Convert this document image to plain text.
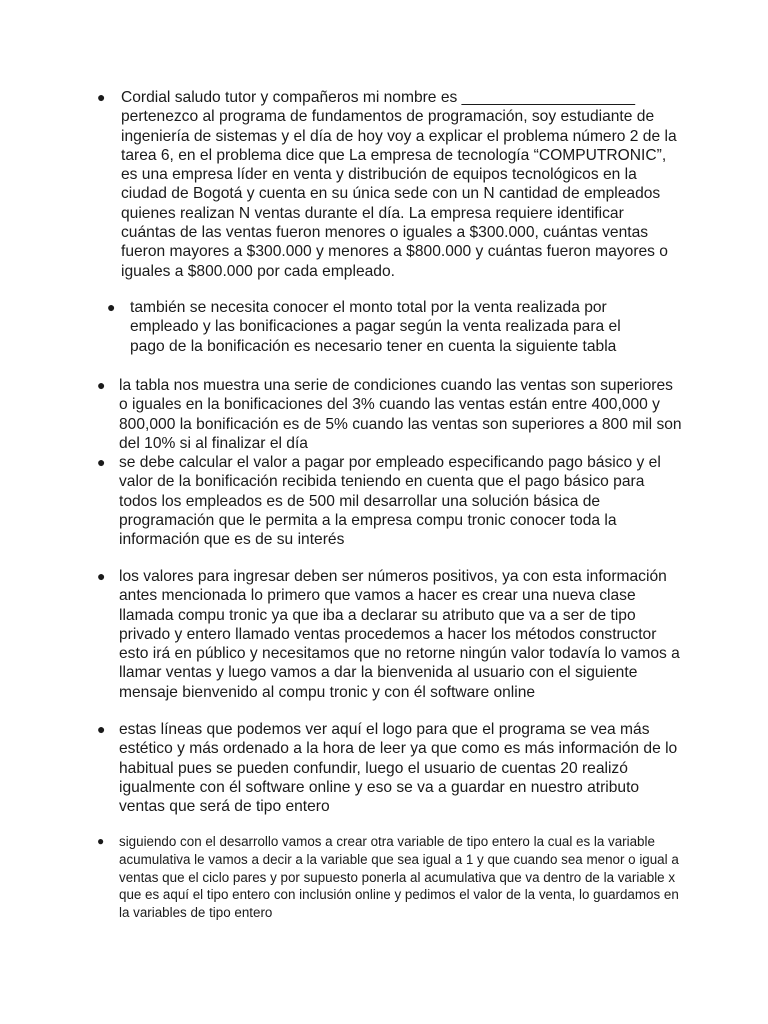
● Cordial saludo tutor y compañeros mi nombre es ____________________ pertenezco al programa de fundamentos de programación, soy estudiante de ingeniería de sistemas y el día de hoy voy a explicar el problema número 2 de la tarea 6, en el problema dice que La empresa de tecnología “COMPUTRONIC”, es una empresa líder en venta y distribución de equipos tecnológicos en la ciudad de Bogotá y cuenta en su única sede con un N cantidad de empleados quienes realizan N ventas durante el día. La empresa requiere identificar cuántas de las ventas fueron menores o iguales a $300.000, cuántas ventas fueron mayores a $300.000 y menores a $800.000 y cuántas fueron mayores o iguales a $800.000 por cada empleado.
● también se necesita conocer el monto total por la venta realizada por empleado y las bonificaciones a pagar según la venta realizada para el pago de la bonificación es necesario tener en cuenta la siguiente tabla
● la tabla nos muestra una serie de condiciones cuando las ventas son superiores o iguales en la bonificaciones del 3% cuando las ventas están entre 400,000 y 800,000 la bonificación es de 5% cuando las ventas son superiores a 800 mil son del 10% si al finalizar el día
● se debe calcular el valor a pagar por empleado especificando pago básico y el valor de la bonificación recibida teniendo en cuenta que el pago básico para todos los empleados es de 500 mil desarrollar una solución básica de programación que le permita a la empresa compu tronic conocer toda la información que es de su interés
● los valores para ingresar deben ser números positivos, ya con esta información antes mencionada lo primero que vamos a hacer es crear una nueva clase llamada compu tronic ya que iba a declarar su atributo que va a ser de tipo privado y entero llamado ventas procedemos a hacer los métodos constructor esto irá en público y necesitamos que no retorne ningún valor todavía lo vamos a llamar ventas y luego vamos a dar la bienvenida al usuario con el siguiente mensaje bienvenido al compu tronic y con él software online
● estas líneas que podemos ver aquí el logo para que el programa se vea más estético y más ordenado a la hora de leer ya que como es más información de lo habitual pues se pueden confundir, luego el usuario de cuentas 20 realizó igualmente con él software online y eso se va a guardar en nuestro atributo ventas que será de tipo entero
● siguiendo con el desarrollo vamos a crear otra variable de tipo entero la cual es la variable acumulativa le vamos a decir a la variable que sea igual a 1 y que cuando sea menor o igual a ventas que el ciclo pares y por supuesto ponerla al acumulativa que va dentro de la variable x que es aquí el tipo entero con inclusión online y pedimos el valor de la venta, lo guardamos en la variables de tipo entero
